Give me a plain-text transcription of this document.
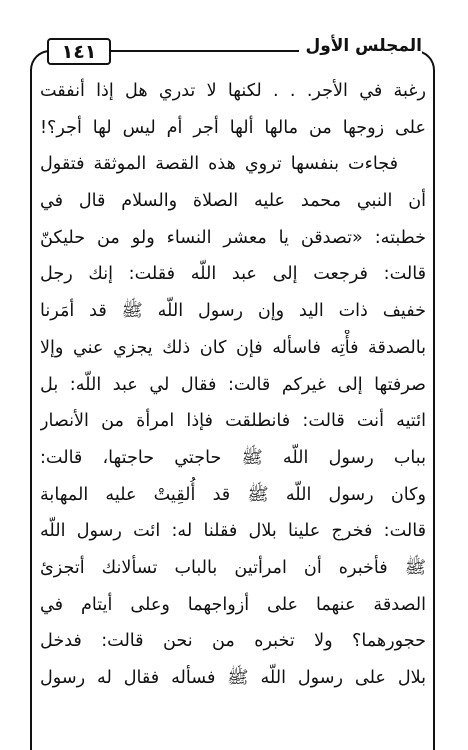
١٤١	المجلس الأول
رغبة في الأجر. . . لكنها لا تدري هل إذا أنفقت
على زوجها من مالها ألها أجر أم ليس لها أجر؟!
فجاءت بنفسها تروي هذه القصة الموثقة فتقول
أن النبي محمد عليه الصلاة والسلام قال في
خطبته: «تصدقن يا معشر النساء ولو من حليكنّ
قالت: فرجعت إلى عبد اللّه فقلت: إنك رجل
خفيف ذات اليد وإن رسول اللّه ﷺ قد أمَرنا
بالصدقة فأْتِه فاسأله فإن كان ذلك يجزي عني وإلا
صرفتها إلى غيركم قالت: فقال لي عبد اللّه: بل
ائتيه أنت قالت: فانطلقت فإذا امرأة من الأنصار
بباب رسول اللّه ﷺ حاجتي حاجتها، قالت:
وكان رسول اللّه ﷺ قد أُلقِيتْ عليه المهابة
قالت: فخرج علينا بلال فقلنا له: ائت رسول اللّه
ﷺ فأخبره أن امرأتين بالباب تسألانك أتجزئ
الصدقة عنهما على أزواجهما وعلى أيتام في
حجورهما؟ ولا تخبره من نحن قالت: فدخل
بلال على رسول اللّه ﷺ فسأله فقال له رسول
